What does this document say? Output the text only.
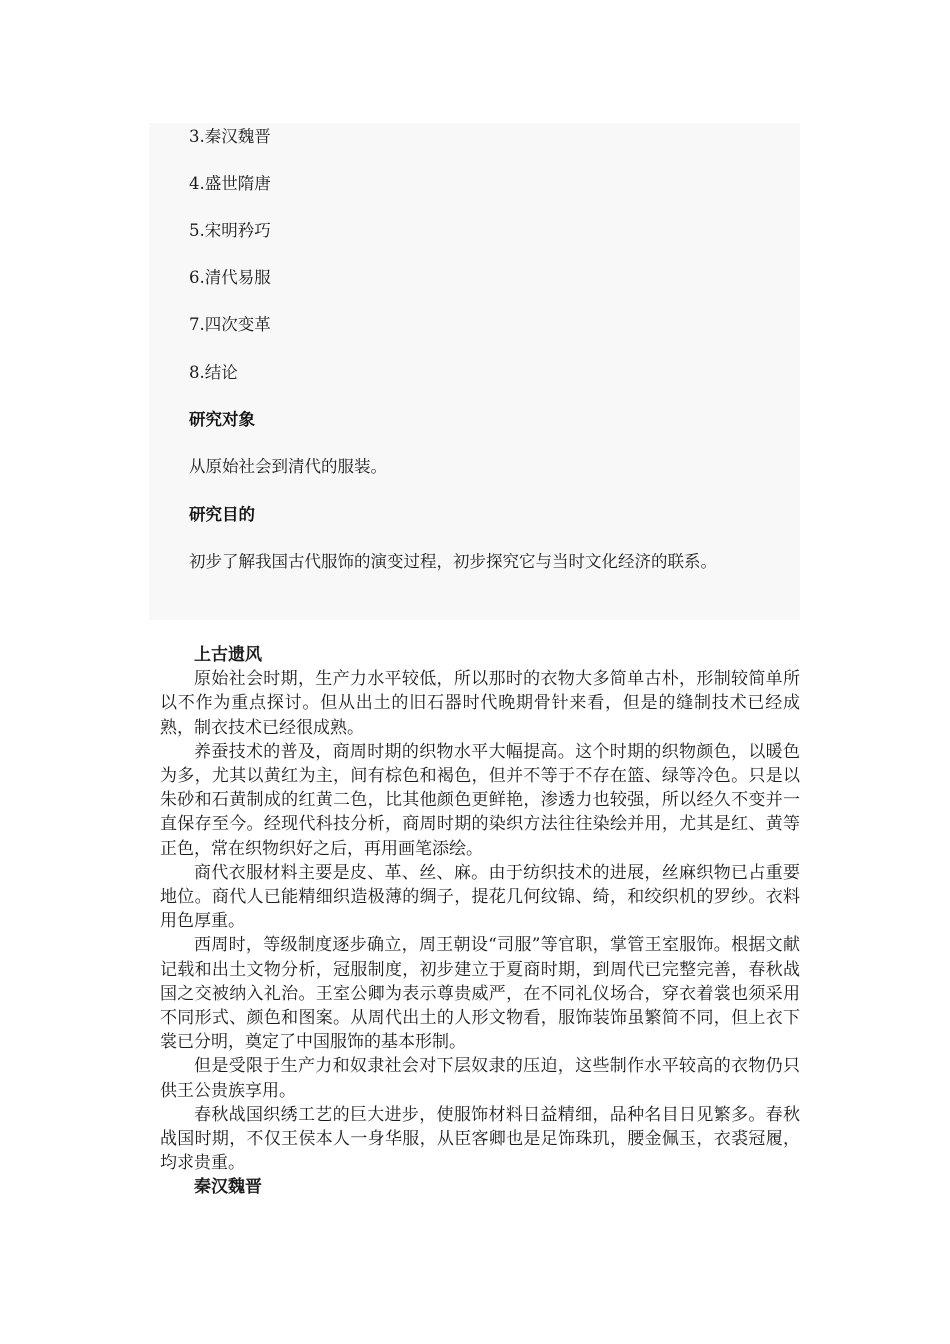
3.秦汉魏晋

4.盛世隋唐

5.宋明矜巧

6.清代易服

7.四次变革

8.结论

研究对象

从原始社会到清代的服装。

研究目的

初步了解我国古代服饰的演变过程，初步探究它与当时文化经济的联系。

上古遗风

原始社会时期，生产力水平较低，所以那时的衣物大多简单古朴，形制较简单所以不作为重点探讨。但从出土的旧石器时代晚期骨针来看，但是的缝制技术已经成熟，制衣技术已经很成熟。

养蚕技术的普及，商周时期的织物水平大幅提高。这个时期的织物颜色，以暖色为多，尤其以黄红为主，间有棕色和褐色，但并不等于不存在篮、绿等冷色。只是以朱砂和石黄制成的红黄二色，比其他颜色更鲜艳，渗透力也较强，所以经久不变并一直保存至今。经现代科技分析，商周时期的染织方法往往染绘并用，尤其是红、黄等正色，常在织物织好之后，再用画笔添绘。

商代衣服材料主要是皮、革、丝、麻。由于纺织技术的进展，丝麻织物已占重要地位。商代人已能精细织造极薄的绸子，提花几何纹锦、绮，和绞织机的罗纱。衣料用色厚重。

西周时，等级制度逐步确立，周王朝设“司服”等官职，掌管王室服饰。根据文献记载和出土文物分析，冠服制度，初步建立于夏商时期，到周代已完整完善，春秋战国之交被纳入礼治。王室公卿为表示尊贵威严，在不同礼仪场合，穿衣着裳也须采用不同形式、颜色和图案。从周代出土的人形文物看，服饰装饰虽繁简不同，但上衣下裳已分明，奠定了中国服饰的基本形制。

但是受限于生产力和奴隶社会对下层奴隶的压迫，这些制作水平较高的衣物仍只供王公贵族享用。

春秋战国织绣工艺的巨大进步，使服饰材料日益精细，品种名目日见繁多。春秋战国时期，不仅王侯本人一身华服，从臣客卿也是足饰珠玑，腰金佩玉，衣裘冠履，均求贵重。

秦汉魏晋
